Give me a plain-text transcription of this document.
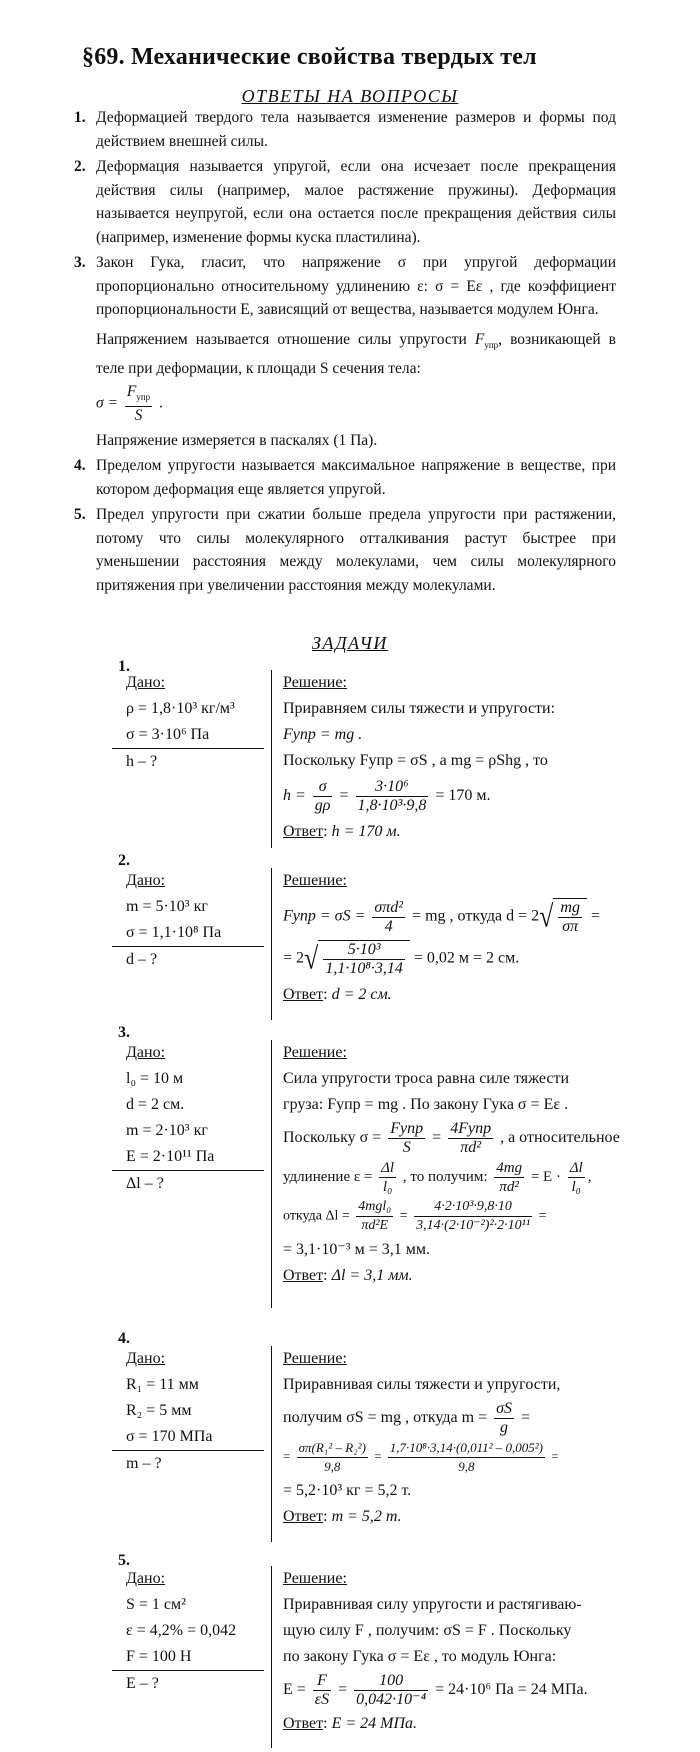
§69. Механические свойства твердых тел
ОТВЕТЫ НА ВОПРОСЫ
1. Деформацией твердого тела называется изменение размеров и формы под действием внешней силы.
2. Деформация называется упругой, если она исчезает после прекращения действия силы (например, малое растяжение пружины). Деформация называется неупругой, если она остается после прекращения действия силы (например, изменение формы куска пластилина).
3. Закон Гука, гласит, что напряжение σ при упругой деформации пропорционально относительному удлинению ε: σ = Eε , где коэффициент пропорциональности E, зависящий от вещества, называется модулем Юнга.
Напряжением называется отношение силы упругости $F_{упр}$, возникающей в теле при деформации, к площади S сечения тела:
$\sigma = \frac{F_{упр}}{S}$ .
Напряжение измеряется в паскалях (1 Па).
4. Пределом упругости называется максимальное напряжение в веществе, при котором деформация еще является упругой.
5. Предел упругости при сжатии больше предела упругости при растяжении, потому что силы молекулярного отталкивания растут быстрее при уменьшении расстояния между молекулами, чем силы молекулярного притяжения при увеличении расстояния между молекулами.
ЗАДАЧИ
1.
Дано:
ρ = 1,8·10³ кг/м³
σ = 3·10⁶ Па
h – ?
Решение:
Приравняем силы тяжести и упругости:
Fупр = mg .
Поскольку Fупр = σS , а mg = ρShg , то
$h = \frac{\sigma}{g\rho} = \frac{\text{3·10⁶}}{\text{1,8·10³·9,8}} = 170$ м.
Ответ: h = 170 м.
2.
Дано:
m = 5·10³ кг
σ = 1,1·10⁸ Па
d – ?
Решение:
Fупр = $\sigma S = \frac{\text{σπd²}}{4}$ = mg , откуда $d = 2√ \frac{mg}{\sigma\pi}$ =
= $2√ \frac{\text{5·10³}}{\text{1,1·10⁸·3,14}} = 0,02$ м = 2 см.
Ответ: d = 2 см.
3.
Дано:
l₀ = 10 м
d = 2 см.
m = 2·10³ кг
E = 2·10¹¹ Па
Δl – ?
Решение:
Сила упругости троса равна силе тяжести
груза: Fупр = mg . По закону Гука σ = Eε .
Поскольку $\sigma = \frac{\text{Fупр}}{S} = \frac{\text{4Fупр}}{\text{πd²}}$ , а относительное
удлинение $\varepsilon = \frac{\Delta l}{\text{l₀}}$ , то получим: $\frac{4mg}{\text{πd²}} = E \cdot \frac{\Delta l}{\text{l₀}}$ ,
откуда $\Delta l = \frac{\text{4mgl₀}}{\text{πd²E}} = \frac{\text{4·2·10³·9,8·10}}{\text{3,14·(2·10⁻²)²·2·10¹¹}}$ =
= 3,1·10⁻³ м = 3,1 мм.
Ответ: Δl = 3,1 мм.
4.
Дано:
R₁ = 11 мм
R₂ = 5 мм
σ = 170 МПа
m – ?
Решение:
Приравнивая силы тяжести и упругости,
получим σS = mg , откуда $m = \frac{\sigma S}{g}$ =
= $\frac{\text{σπ(R₁² – R₂²)}}{9,8} = \frac{\text{1,7·10⁸·3,14·(0,011² – 0,005²)}}{9,8}$ =
= 5,2·10³ кг = 5,2 т.
Ответ: m = 5,2 т.
5.
Дано:
S = 1 см²
ε = 4,2% = 0,042
F = 100 Н
E – ?
Решение:
Приравнивая силу упругости и растягиваю-
щую силу F , получим: σS = F . Поскольку
по закону Гука σ = Eε , то модуль Юнга:
$E = \frac{F}{\varepsilon S} = \frac{100}{\text{0,042·10⁻⁴}} = 24\cdot 10^6$ Па = 24 МПа.
Ответ: E = 24 МПа.
